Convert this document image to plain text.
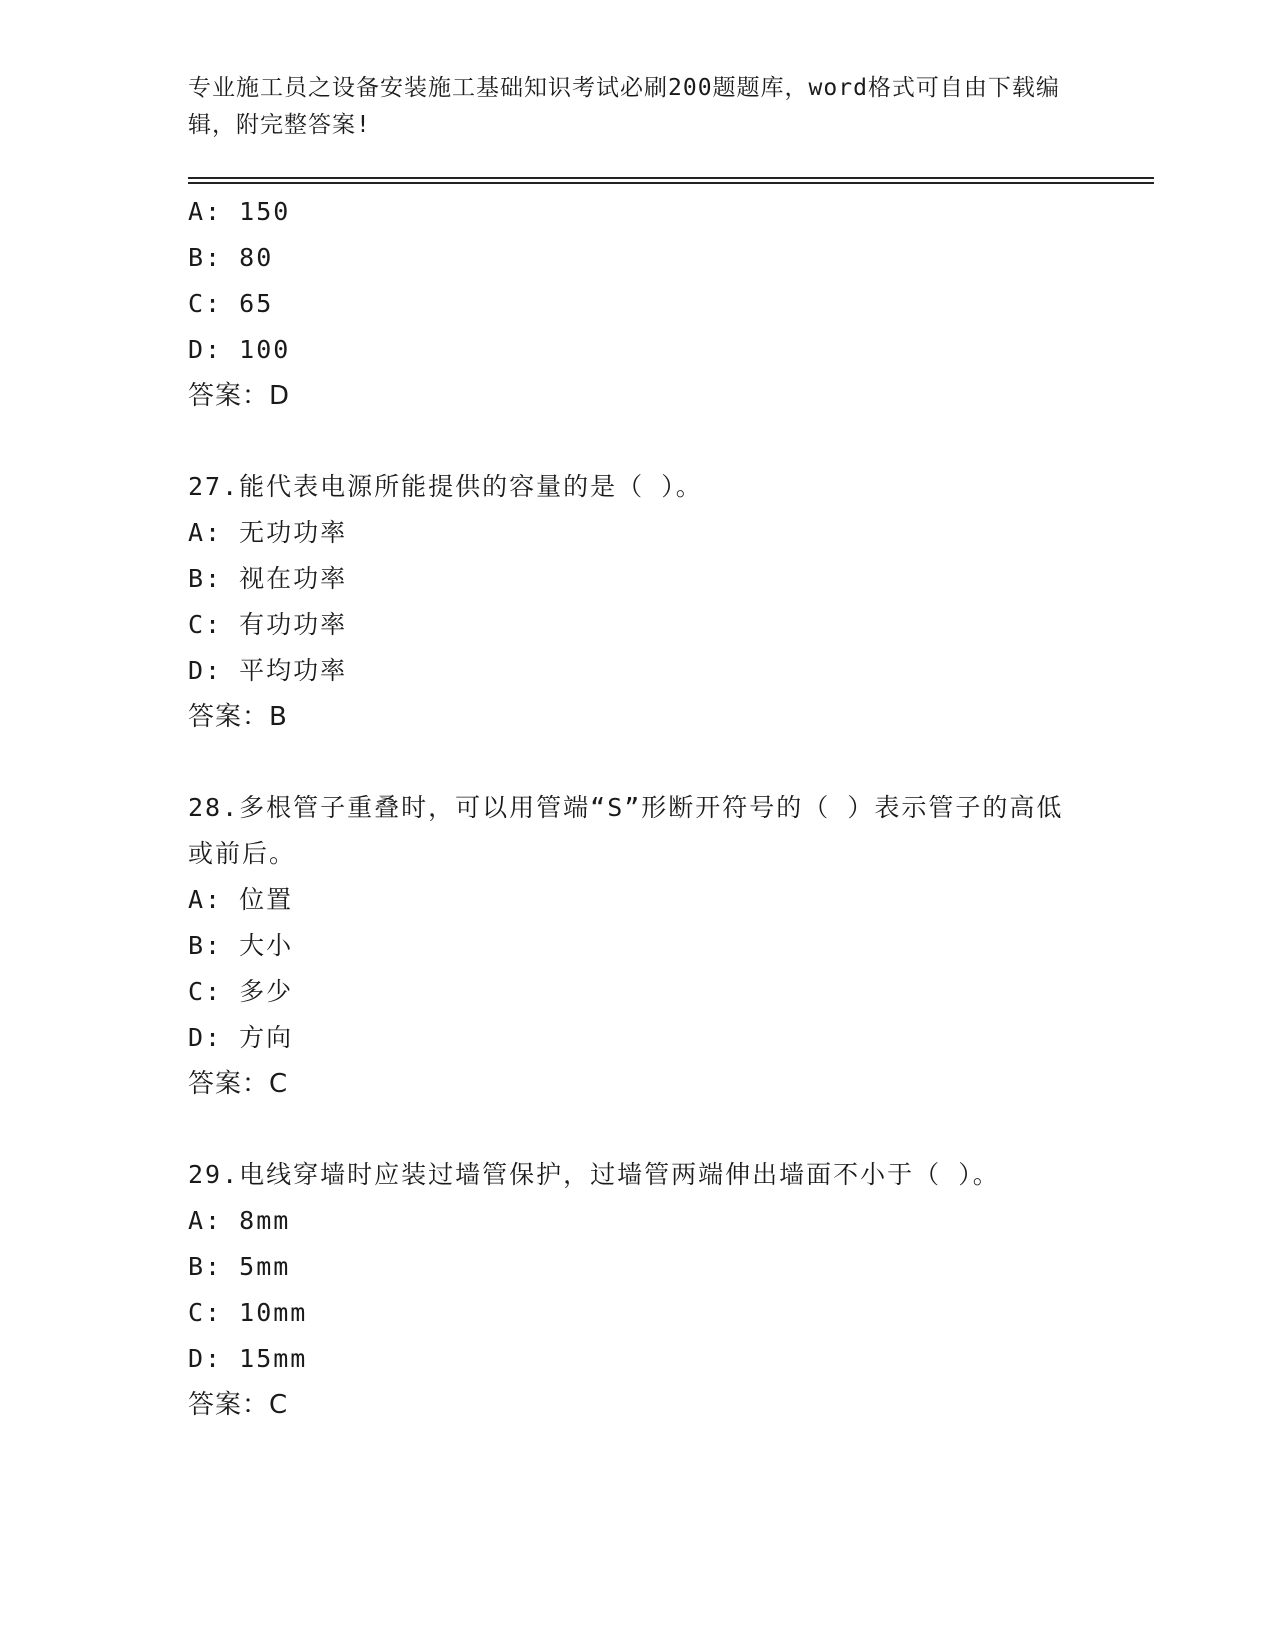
专业施工员之设备安装施工基础知识考试必刷200题题库，word格式可自由下载编辑，附完整答案!
A: 150
B: 80
C: 65
D: 100
答案：D
27.能代表电源所能提供的容量的是（ ）。
A: 无功功率
B: 视在功率
C: 有功功率
D: 平均功率
答案：B
28.多根管子重叠时，可以用管端“S”形断开符号的（ ）表示管子的高低或前后。
A: 位置
B: 大小
C: 多少
D: 方向
答案：C
29.电线穿墙时应装过墙管保护，过墙管两端伸出墙面不小于（ ）。
A: 8mm
B: 5mm
C: 10mm
D: 15mm
答案：C
